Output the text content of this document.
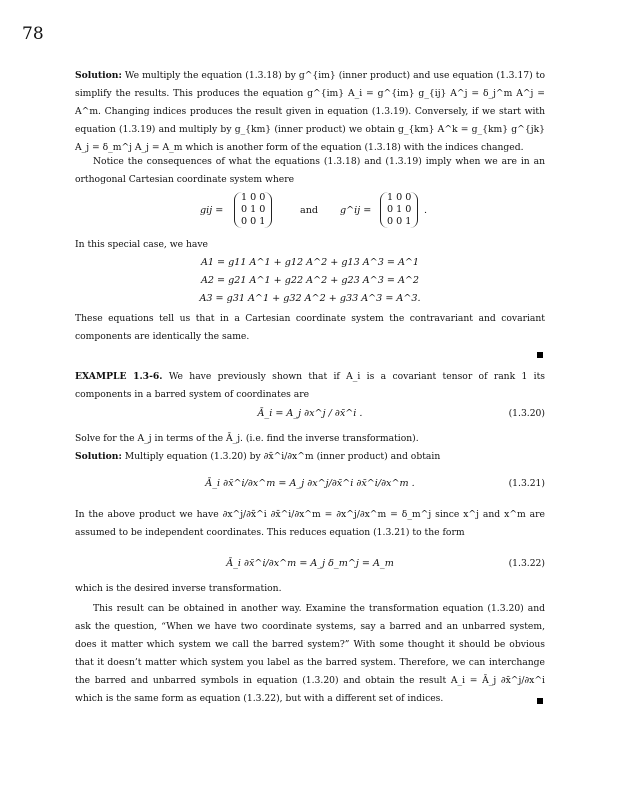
78
Solution: We multiply the equation (1.3.18) by g^{im} (inner product) and use equation (1.3.17) to simplify the results. This produces the equation g^{im} A_i = g^{im} g_{ij} A^j = δ_j^m A^j = A^m. Changing indices produces the result given in equation (1.3.19). Conversely, if we start with equation (1.3.19) and multiply by g_{km} (inner product) we obtain g_{km} A^k = g_{km} g^{jk} A_j = δ_m^j A_j = A_m which is another form of the equation (1.3.18) with the indices changed.
Notice the consequences of what the equations (1.3.18) and (1.3.19) imply when we are in an orthogonal Cartesian coordinate system where
gij =
1 0 0
0 1 0
0 0 1
and g^ij =
1 0 0
0 1 0
0 0 1
.
In this special case, we have
A1 = g11 A^1 + g12 A^2 + g13 A^3 = A^1
A2 = g21 A^1 + g22 A^2 + g23 A^3 = A^2
A3 = g31 A^1 + g32 A^2 + g33 A^3 = A^3.
These equations tell us that in a Cartesian coordinate system the contravariant and covariant components are identically the same.
EXAMPLE 1.3-6. We have previously shown that if A_i is a covariant tensor of rank 1 its components in a barred system of coordinates are
Ā_i = A_j ∂x^j / ∂x̄^i .	(1.3.20)
Solve for the A_j in terms of the Ā_j. (i.e. find the inverse transformation).
Solution: Multiply equation (1.3.20) by ∂x̄^i/∂x^m (inner product) and obtain
Ā_i ∂x̄^i/∂x^m = A_j ∂x^j/∂x̄^i ∂x̄^i/∂x^m .	(1.3.21)
In the above product we have ∂x^j/∂x̄^i ∂x̄^i/∂x^m = ∂x^j/∂x^m = δ_m^j since x^j and x^m are assumed to be independent coordinates. This reduces equation (1.3.21) to the form
Ā_i ∂x̄^i/∂x^m = A_j δ_m^j = A_m	(1.3.22)
which is the desired inverse transformation.
This result can be obtained in another way. Examine the transformation equation (1.3.20) and ask the question, “When we have two coordinate systems, say a barred and an unbarred system, does it matter which system we call the barred system?” With some thought it should be obvious that it doesn’t matter which system you label as the barred system. Therefore, we can interchange the barred and unbarred symbols in equation (1.3.20) and obtain the result A_i = Ā_j ∂x̄^j/∂x^i which is the same form as equation (1.3.22), but with a different set of indices.
